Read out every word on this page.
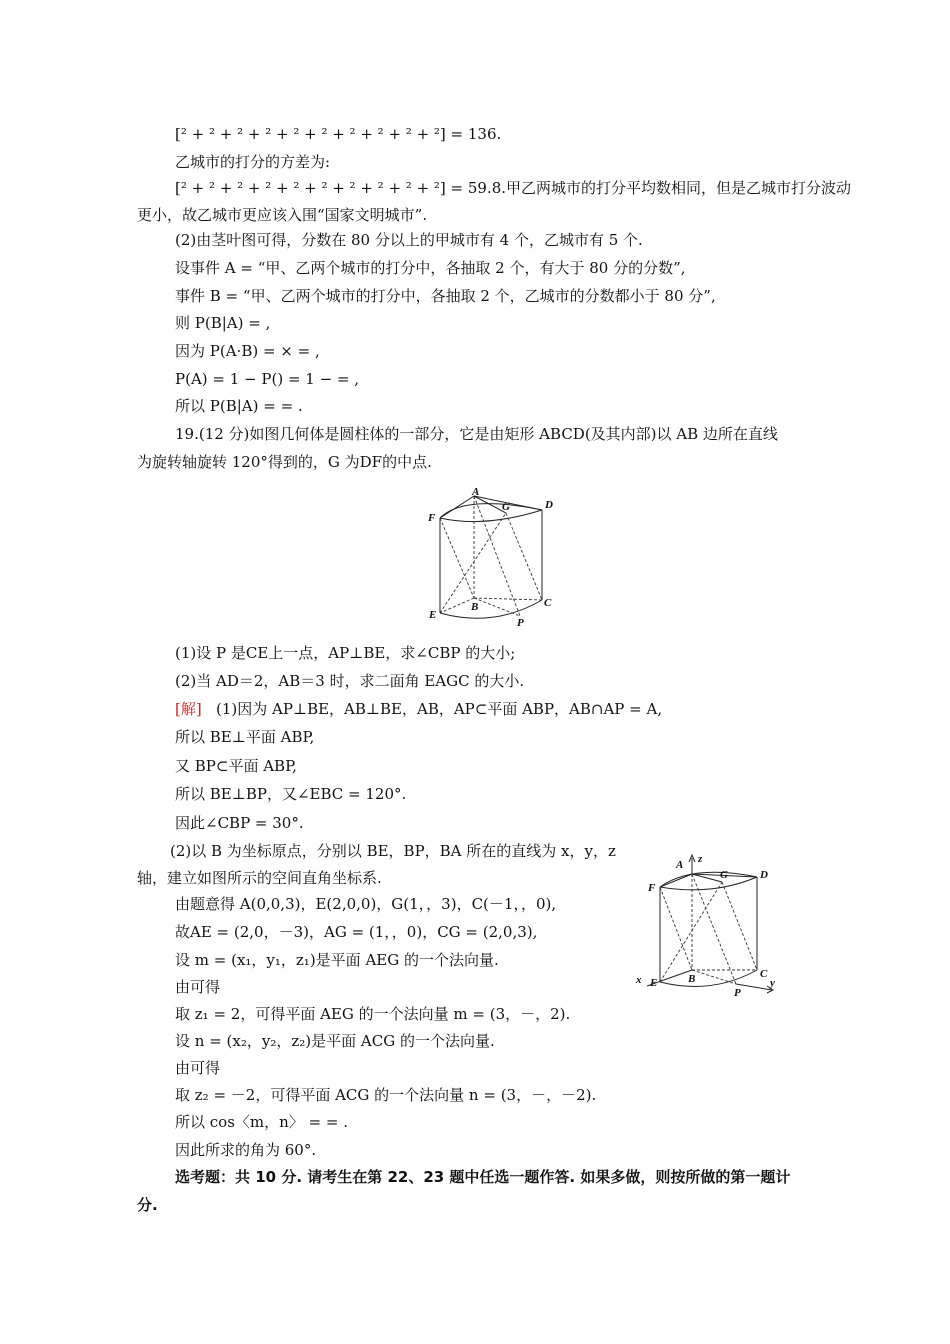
[² + ² + ² + ² + ² + ² + ² + ² + ² + ²] = 136.
乙城市的打分的方差为:
[² + ² + ² + ² + ² + ² + ² + ² + ² + ²] = 59.8.甲乙两城市的打分平均数相同，但是乙城市打分波动
更小，故乙城市更应该入围“国家文明城市”.
(2)由茎叶图可得，分数在 80 分以上的甲城市有 4 个，乙城市有 5 个.
设事件 A = “甲、乙两个城市的打分中，各抽取 2 个，有大于 80 分的分数”,
事件 B = “甲、乙两个城市的打分中，各抽取 2 个，乙城市的分数都小于 80 分”,
则 P(B|A) = ,
因为 P(A·B) = × = ,
P(A) = 1 − P() = 1 − = ,
所以 P(B|A) = = .
19.(12 分)如图几何体是圆柱体的一部分，它是由矩形 ABCD(及其内部)以 AB 边所在直线
为旋转轴旋转 120°得到的，G 为DF的中点.
A
G	D
F
B
E
C
P
(1)设 P 是CE上一点，AP⊥BE，求∠CBP 的大小;
(2)当 AD＝2，AB＝3 时，求二面角 EAGC 的大小.
[解] (1)因为 AP⊥BE，AB⊥BE，AB，AP⊂平面 ABP，AB∩AP = A,
所以 BE⊥平面 ABP,
又 BP⊂平面 ABP,
所以 BE⊥BP，又∠EBC = 120°.
因此∠CBP = 30°.
(2)以 B 为坐标原点，分别以 BE，BP，BA 所在的直线为 x，y，z
轴，建立如图所示的空间直角坐标系.
由题意得 A(0,0,3)，E(2,0,0)，G(1，，3)，C(－1，，0),
故AE = (2,0，－3)，AG = (1，，0)，CG = (2,0,3),
设 m = (x₁，y₁，z₁)是平面 AEG 的一个法向量.
由可得
取 z₁ = 2，可得平面 AEG 的一个法向量 m = (3，－，2).
设 n = (x₂，y₂，z₂)是平面 ACG 的一个法向量.
由可得
取 z₂ = －2，可得平面 ACG 的一个法向量 n = (3，－，－2).
所以 cos〈m，n〉 = = .
因此所求的角为 60°.
选考题：共 10 分. 请考生在第 22、23 题中任选一题作答. 如果多做，则按所做的第一题计
分.
A z
G	D
F
B
E
C
P
x	y
